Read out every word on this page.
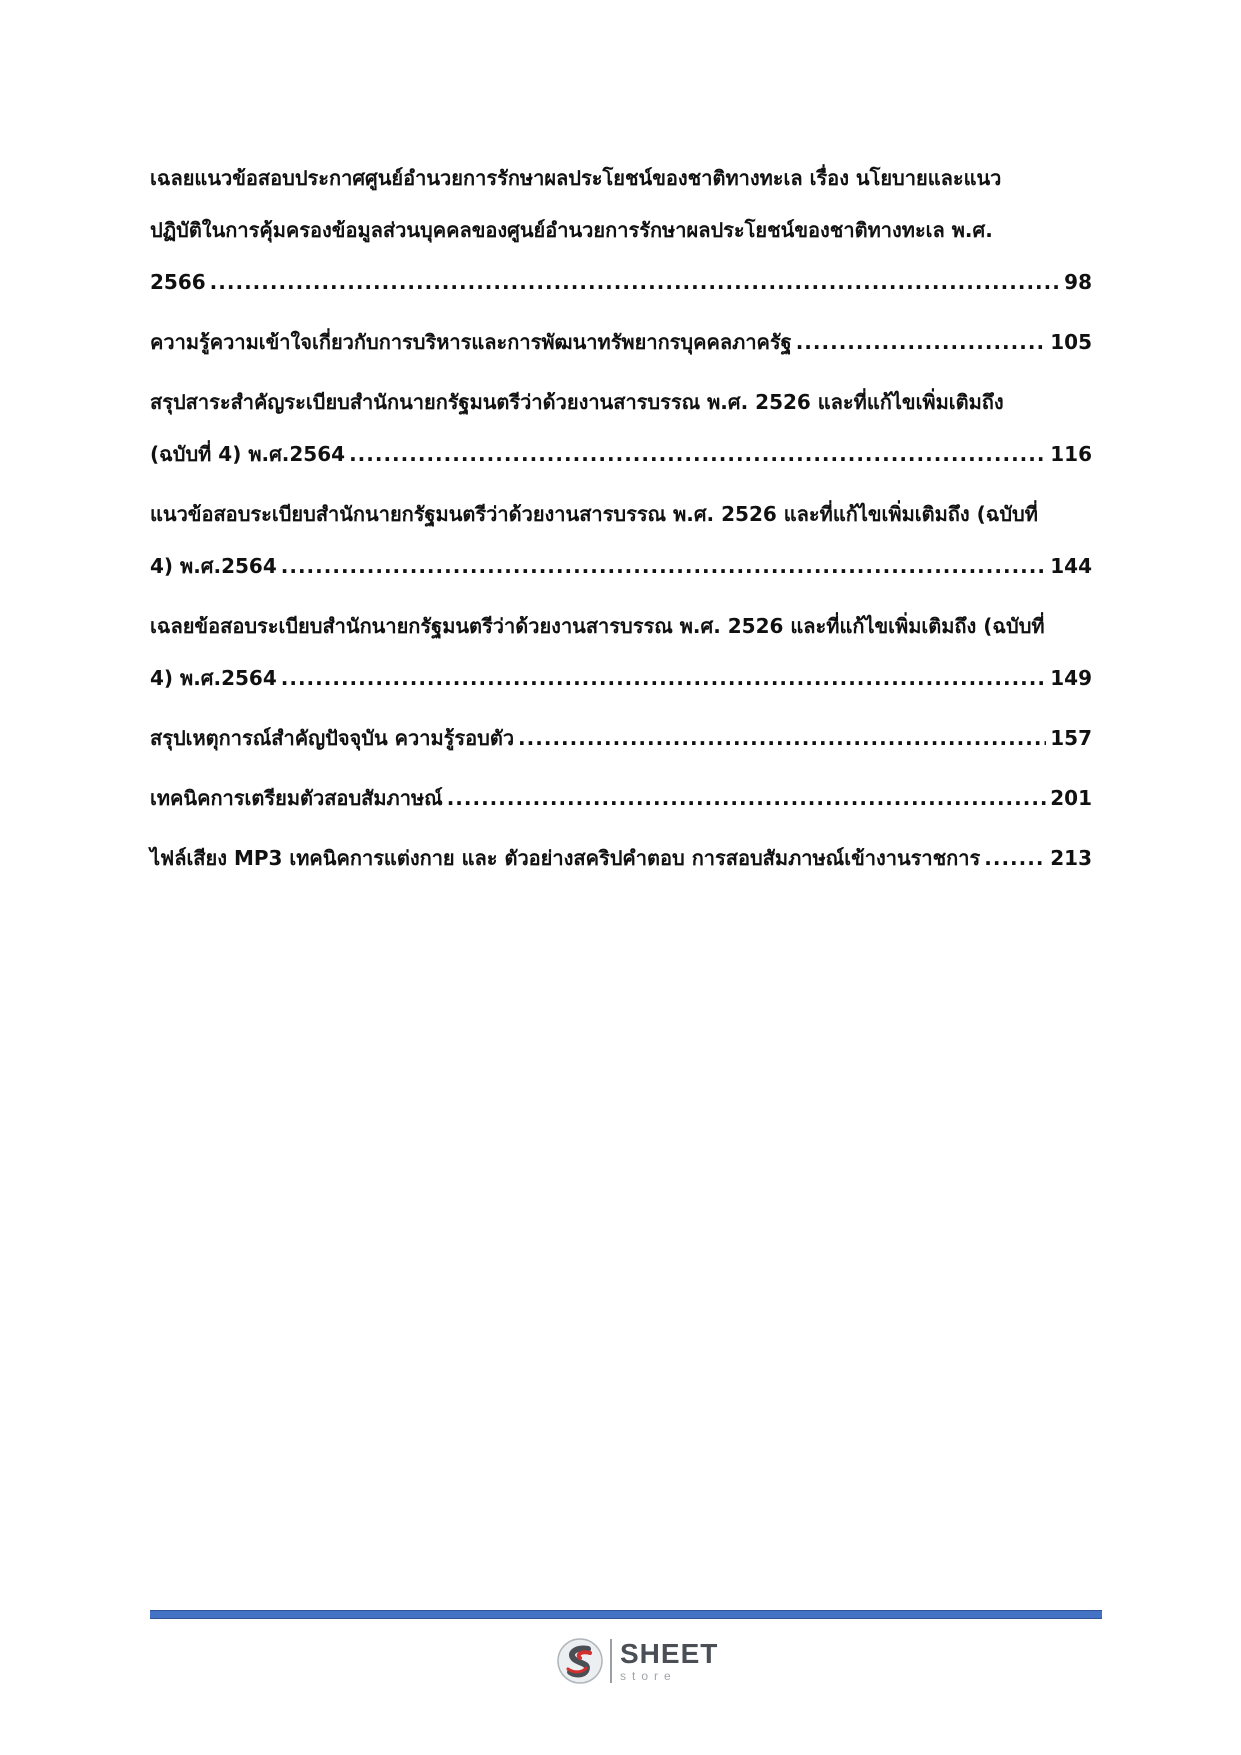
เฉลยแนวข้อสอบประกาศศูนย์อำนวยการรักษาผลประโยชน์ของชาติทางทะเล เรื่อง นโยบายและแนว
ปฏิบัติในการคุ้มครองข้อมูลส่วนบุคคลของศูนย์อำนวยการรักษาผลประโยชน์ของชาติทางทะเล พ.ศ.
2566 .....	98
ความรู้ความเข้าใจเกี่ยวกับการบริหารและการพัฒนาทรัพยากรบุคคลภาครัฐ .....	105
สรุปสาระสำคัญระเบียบสำนักนายกรัฐมนตรีว่าด้วยงานสารบรรณ พ.ศ. 2526 และที่แก้ไขเพิ่มเติมถึง
(ฉบับที่ 4) พ.ศ.2564 .....	116
แนวข้อสอบระเบียบสำนักนายกรัฐมนตรีว่าด้วยงานสารบรรณ พ.ศ. 2526 และที่แก้ไขเพิ่มเติมถึง (ฉบับที่
4) พ.ศ.2564 .....	144
เฉลยข้อสอบระเบียบสำนักนายกรัฐมนตรีว่าด้วยงานสารบรรณ พ.ศ. 2526 และที่แก้ไขเพิ่มเติมถึง (ฉบับที่
4) พ.ศ.2564 .....	149
สรุปเหตุการณ์สำคัญปัจจุบัน ความรู้รอบตัว .....	157
เทคนิคการเตรียมตัวสอบสัมภาษณ์ .....	201
ไฟล์เสียง MP3 เทคนิคการแต่งกาย และ ตัวอย่างสคริปคำตอบ การสอบสัมภาษณ์เข้างานราชการ .....	213
SHEET
store
